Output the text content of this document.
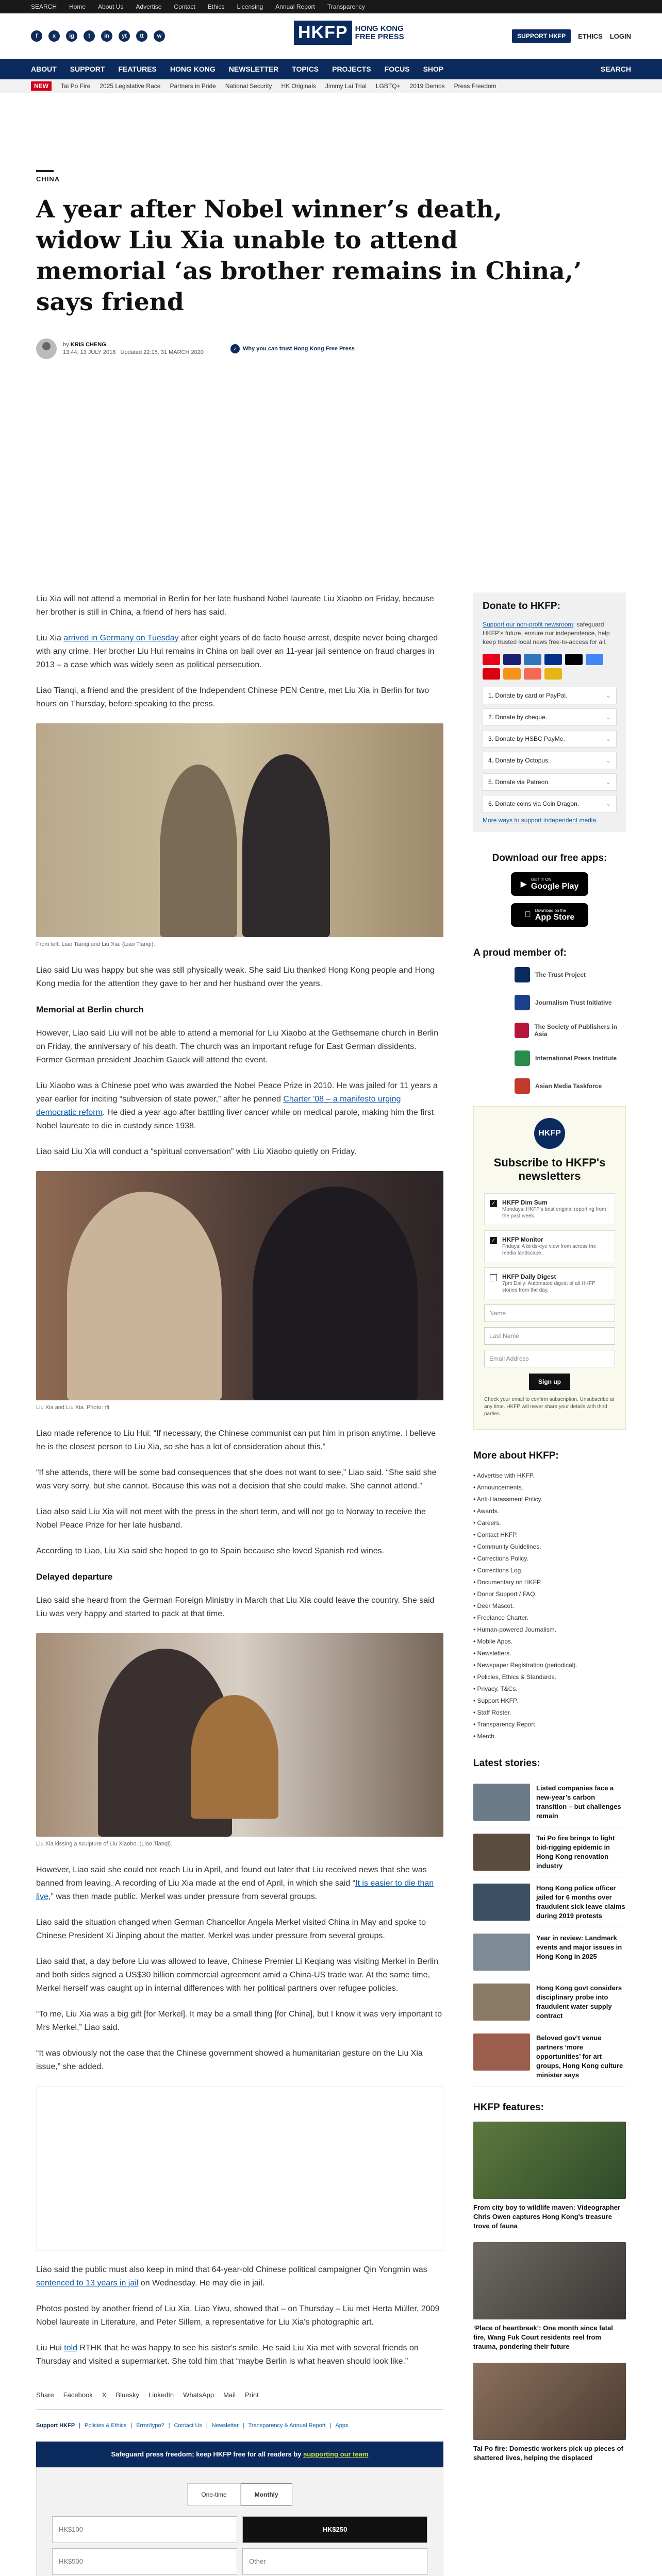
SEARCH Home About Us Advertise Contact Ethics Licensing Annual Report Transparency
f	x	ig	t	in	yt	tt	w	HKFP HONG KONG
FREE PRESS	SUPPORT HKFP	ETHICS LOGIN
ABOUT SUPPORT FEATURES HONG KONG NEWSLETTER TOPICS PROJECTS FOCUS SHOP	SEARCH
NEW	Tai Po Fire 2025 Legislative Race Partners in Pride National Security HK Originals Jimmy Lai Trial LGBTQ+ 2019 Demos Press Freedom
CHINA
A year after Nobel winner’s death, widow Liu Xia unable to attend memorial ‘as brother remains in China,’ says friend
by KRIS CHENG
13:44, 13 JULY 2018 Updated 22:15, 31 MARCH 2020
✓	Why you can trust Hong Kong Free Press

Liu Xia will not attend a memorial in Berlin for her late husband Nobel laureate Liu Xiaobo on Friday, because her brother is still in China, a friend of hers has said.

Liu Xia arrived in Germany on Tuesday after eight years of de facto house arrest, despite never being charged with any crime. Her brother Liu Hui remains in China on bail over an 11-year jail sentence on fraud charges in 2013 – a case which was widely seen as political persecution.

Liao Tianqi, a friend and the president of the Independent Chinese PEN Centre, met Liu Xia in Berlin for two hours on Thursday, before speaking to the press.

From left: Liao Tianqi and Liu Xia. (Liao Tianqi).

Liao said Liu was happy but she was still physically weak. She said Liu thanked Hong Kong people and Hong Kong media for the attention they gave to her and her husband over the years.

Memorial at Berlin church

However, Liao said Liu will not be able to attend a memorial for Liu Xiaobo at the Gethsemane church in Berlin on Friday, the anniversary of his death. The church was an important refuge for East German dissidents. Former German president Joachim Gauck will attend the event.

Liu Xiaobo was a Chinese poet who was awarded the Nobel Peace Prize in 2010. He was jailed for 11 years a year earlier for inciting “subversion of state power,” after he penned Charter '08 – a manifesto urging democratic reform. He died a year ago after battling liver cancer while on medical parole, making him the first Nobel laureate to die in custody since 1938.

Liao said Liu Xia will conduct a “spiritual conversation” with Liu Xiaobo quietly on Friday.

Liu Xia and Liu Xia. Photo: rfi.

Liao made reference to Liu Hui: “If necessary, the Chinese communist can put him in prison anytime. I believe he is the closest person to Liu Xia, so she has a lot of consideration about this.”

“If she attends, there will be some bad consequences that she does not want to see,” Liao said. “She said she was very sorry, but she cannot. Because this was not a decision that she could make. She cannot attend.”

Liao also said Liu Xia will not meet with the press in the short term, and will not go to Norway to receive the Nobel Peace Prize for her late husband.

According to Liao, Liu Xia said she hoped to go to Spain because she loved Spanish red wines.

Delayed departure

Liao said she heard from the German Foreign Ministry in March that Liu Xia could leave the country. She said Liu was very happy and started to pack at that time.

Liu Xia kissing a sculpture of Liu Xiaobo. (Liao Tianqi).

However, Liao said she could not reach Liu in April, and found out later that Liu received news that she was banned from leaving. A recording of Liu Xia made at the end of April, in which she said “It is easier to die than live,” was then made public. Merkel was under pressure from several groups.

Liao said the situation changed when German Chancellor Angela Merkel visited China in May and spoke to Chinese President Xi Jinping about the matter. Merkel was under pressure from several groups.

Liao said that, a day before Liu was allowed to leave, Chinese Premier Li Keqiang was visiting Merkel in Berlin and both sides signed a US$30 billion commercial agreement amid a China-US trade war. At the same time, Merkel herself was caught up in internal differences with her political partners over refugee policies.

“To me, Liu Xia was a big gift [for Merkel]. It may be a small thing [for China], but I know it was very important to Mrs Merkel,” Liao said.

“It was obviously not the case that the Chinese government showed a humanitarian gesture on the Liu Xia issue,” she added.

Liao said the public must also keep in mind that 64-year-old Chinese political campaigner Qin Yongmin was sentenced to 13 years in jail on Wednesday. He may die in jail.

Photos posted by another friend of Liu Xia, Liao Yiwu, showed that – on Thursday – Liu met Herta Müller, 2009 Nobel laureate in Literature, and Peter Sillem, a representative for Liu Xia's photographic art.

Liu Hui told RTHK that he was happy to see his sister's smile. He said Liu Xia met with several friends on Thursday and visited a supermarket. She told him that “maybe Berlin is what heaven should look like.”

Share Facebook X Bluesky LinkedIn WhatsApp Mail Print
Support HKFP | Policies & Ethics | Error/typo? | Contact Us | Newsletter | Transparency & Annual Report | Apps
Safeguard press freedom; keep HKFP free for all readers by supporting our team
One-time	Monthly
HK$100	HK$250
HK$500	Other

Donate to HKFP:

Support our non-profit newsroom: safeguard HKFP’s future, ensure our independence, help keep trusted local news free-to-access for all.

1. Donate by card or PayPal.	⌄
2. Donate by cheque.	⌄
3. Donate by HSBC PayMe.	⌄
4. Donate by Octopus.	⌄
5. Donate via Patreon.	⌄
6. Donate coins via Coin Dragon.	⌄
More ways to support independent media.
Download our free apps:
▶
GET IT ON
Google Play
Download on the
App Store
A proud member of:
The Trust Project
Journalism Trust Initiative
The Society of Publishers in Asia
International Press Institute
Asian Media Taskforce
HKFP
Subscribe to HKFP's newsletters
✓ HKFP Dim Sum
Mondays: HKFP's best original reporting from the past week.
✓ HKFP Monitor
Fridays: A birds-eye view from across the media landscape.
HKFP Daily Digest
7pm Daily: Automated digest of all HKFP stories from the day.
Name
Last Name
Email Address
Sign up

Check your email to confirm subscription. Unsubscribe at any time. HKFP will never share your details with third parties.

More about HKFP:
• Advertise with HKFP.
• Announcements.
• Anti-Harassment Policy.
• Awards.
• Careers.
• Contact HKFP.
• Community Guidelines.
• Corrections Policy.
• Corrections Log.
• Documentary on HKFP.
• Donor Support / FAQ.
• Deer Mascot.
• Freelance Charter.
• Human-powered Journalism.
• Mobile Apps.
• Newsletters.
• Newspaper Registration (periodical).
• Policies, Ethics & Standards.
• Privacy, T&Cs.
• Support HKFP.
• Staff Roster.
• Transparency Report.
• Merch.
Latest stories:

Listed companies face a new-year’s carbon transition – but challenges remain

Tai Po fire brings to light bid-rigging epidemic in Hong Kong renovation industry

Hong Kong police officer jailed for 6 months over fraudulent sick leave claims during 2019 protests

Year in review: Landmark events and major issues in Hong Kong in 2025

Hong Kong govt considers disciplinary probe into fraudulent water supply contract

Beloved gov’t venue partners ‘more opportunities’ for art groups, Hong Kong culture minister says

HKFP features:

From city boy to wildlife maven: Videographer Chris Owen captures Hong Kong's treasure trove of fauna

‘Place of heartbreak’: One month since fatal fire, Wang Fuk Court residents reel from trauma, pondering their future

Tai Po fire: Domestic workers pick up pieces of shattered lives, helping the displaced
